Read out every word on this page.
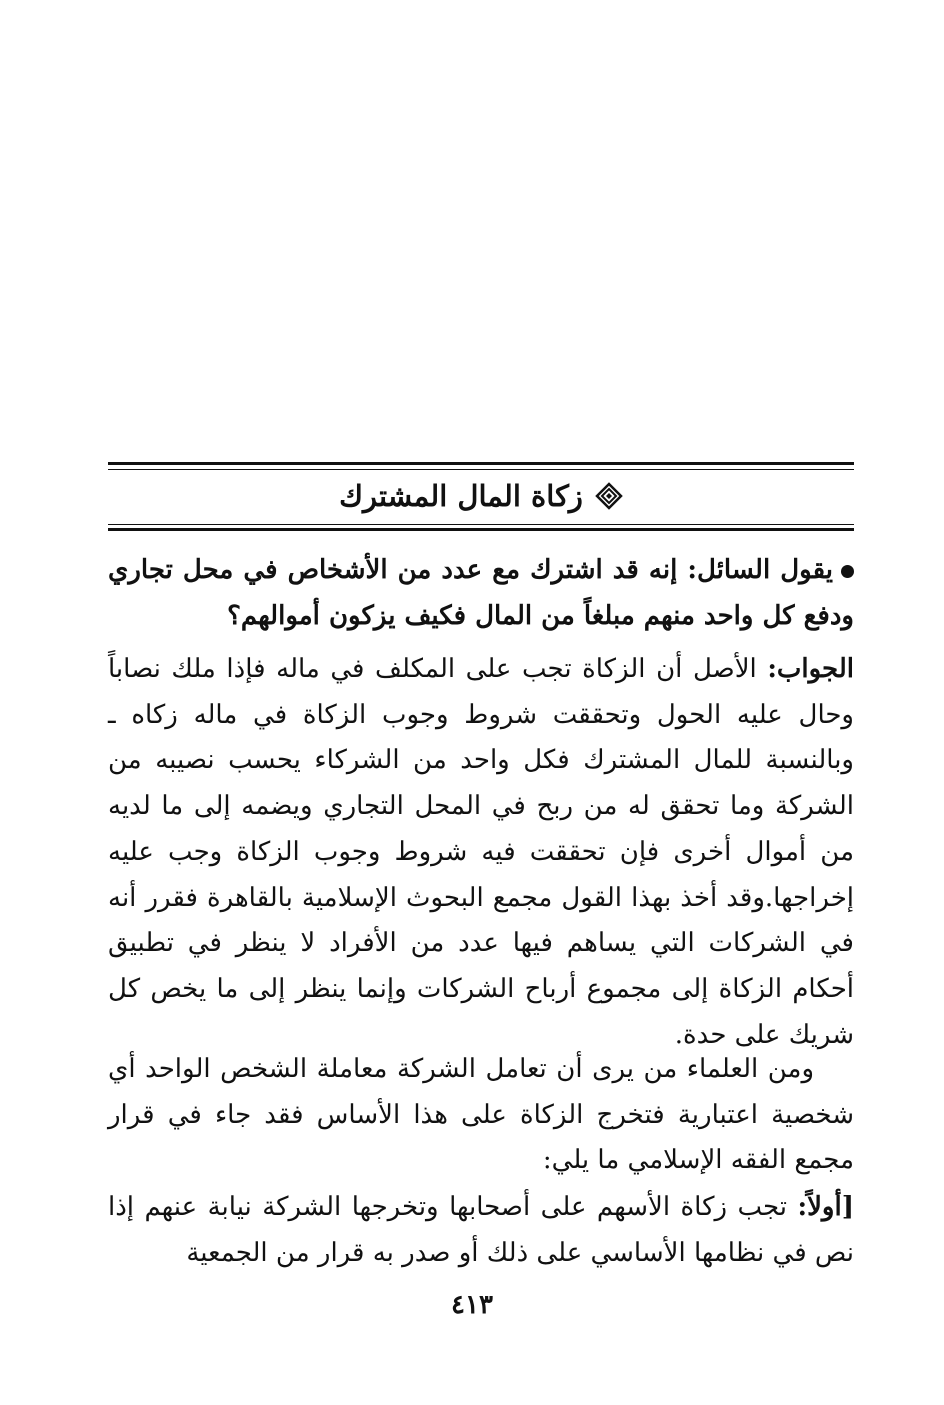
زكاة المال المشترك
يقول السائل: إنه قد اشترك مع عدد من الأشخاص في محل تجاري ودفع كل واحد منهم مبلغاً من المال فكيف يزكون أموالهم؟
الجواب: الأصل أن الزكاة تجب على المكلف في ماله فإذا ملك نصاباً وحال عليه الحول وتحققت شروط وجوب الزكاة في ماله زكاه ـ وبالنسبة للمال المشترك فكل واحد من الشركاء يحسب نصيبه من الشركة وما تحقق له من ربح في المحل التجاري ويضمه إلى ما لديه من أموال أخرى فإن تحققت فيه شروط وجوب الزكاة وجب عليه إخراجها.وقد أخذ بهذا القول مجمع البحوث الإسلامية بالقاهرة فقرر أنه في الشركات التي يساهم فيها عدد من الأفراد لا ينظر في تطبيق أحكام الزكاة إلى مجموع أرباح الشركات وإنما ينظر إلى ما يخص كل شريك على حدة.
ومن العلماء من يرى أن تعامل الشركة معاملة الشخص الواحد أي شخصية اعتبارية فتخرج الزكاة على هذا الأساس فقد جاء في قرار مجمع الفقه الإسلامي ما يلي:
[أولاً: تجب زكاة الأسهم على أصحابها وتخرجها الشركة نيابة عنهم إذا نص في نظامها الأساسي على ذلك أو صدر به قرار من الجمعية
٤١٣
